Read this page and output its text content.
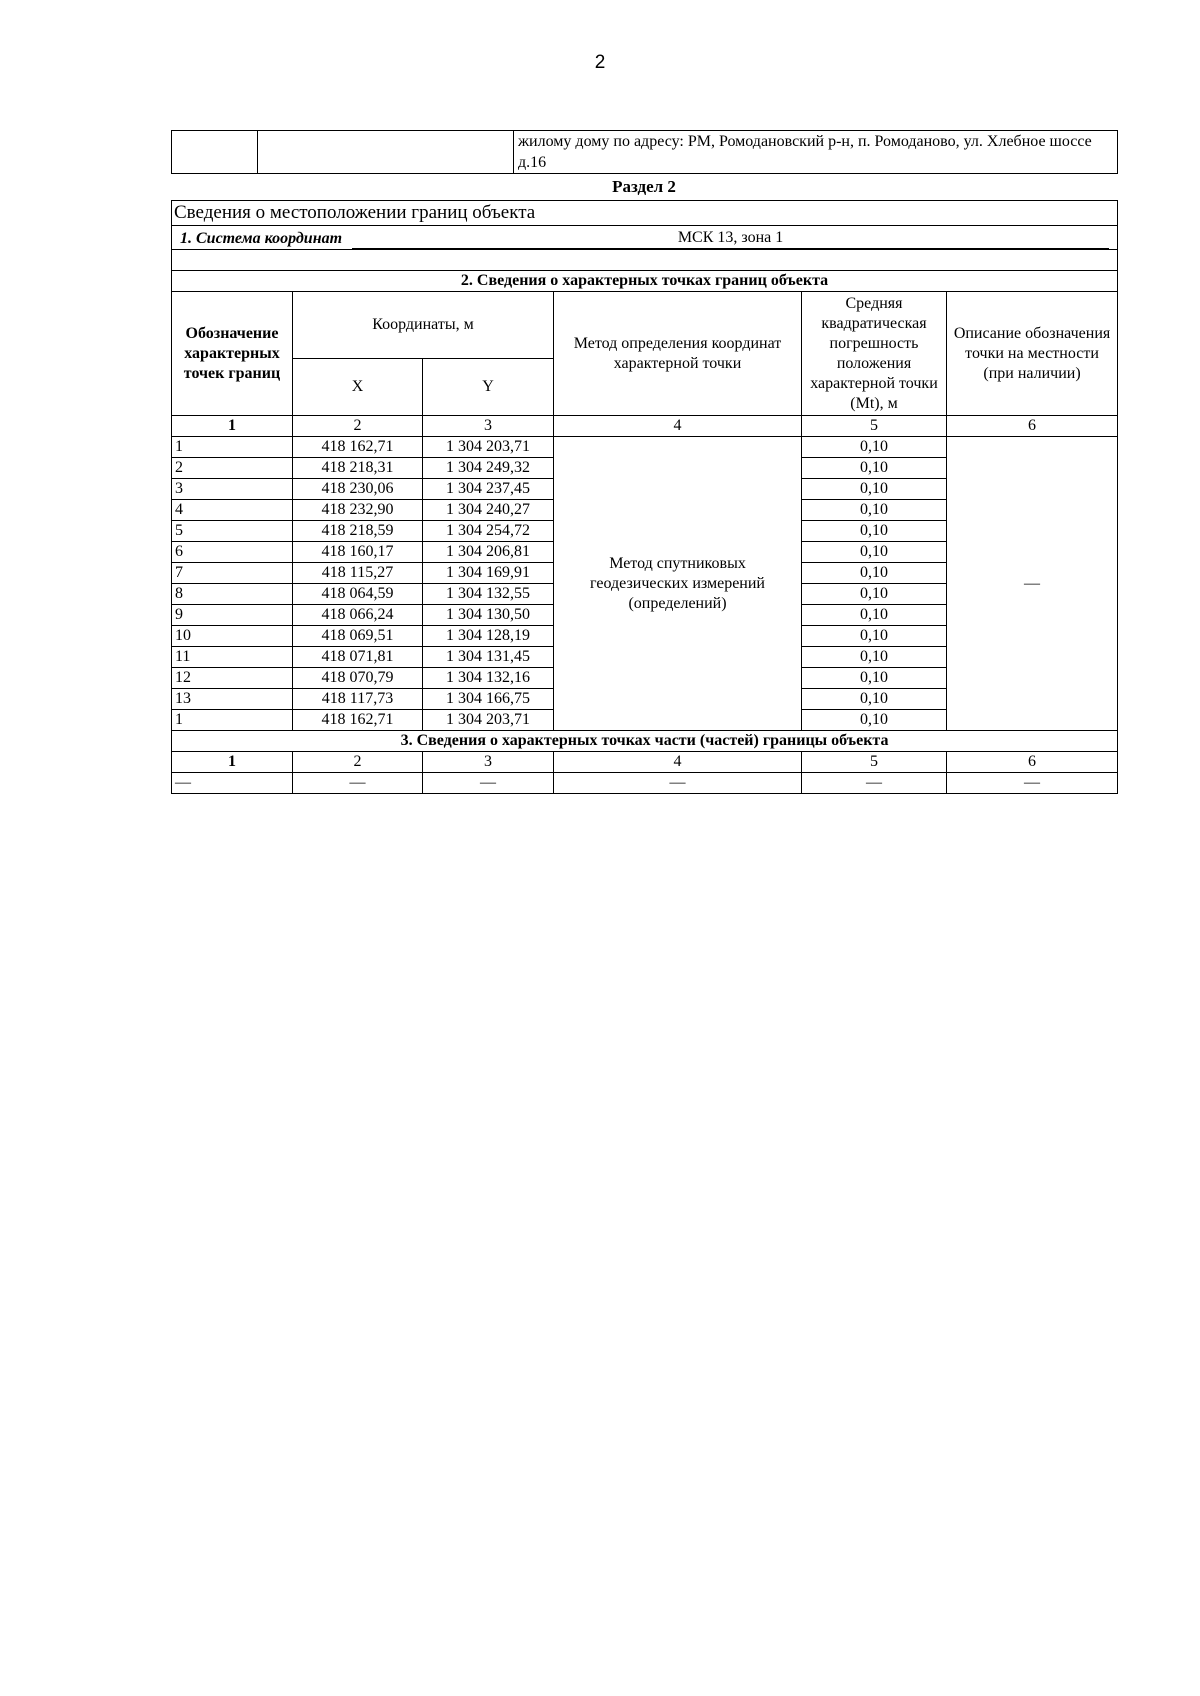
2
		жилому дому по адресу: РМ, Ромодановский р-н, п. Ромоданово, ул. Хлебное шоссе д.16
Раздел 2
Сведения о местоположении границ объекта					

1. Система координат МСК 13, зона 1					

2. Сведения о характерных точках границ объекта					
Обозначение характерных точек границ	Координаты, м		Метод определения координат характерной точки	Средняя квадратическая погрешность положения характерной точки (Mt), м	Описание обозначения точки на местности (при наличии)
	X	Y			
1	2	3	4	5	6
1	418 162,71	1 304 203,71	Метод спутниковых геодезических измерений (определений)	0,10	—
2	418 218,31	1 304 249,32		0,10	
3	418 230,06	1 304 237,45		0,10	
4	418 232,90	1 304 240,27		0,10	
5	418 218,59	1 304 254,72		0,10	
6	418 160,17	1 304 206,81		0,10	
7	418 115,27	1 304 169,91		0,10	
8	418 064,59	1 304 132,55		0,10	
9	418 066,24	1 304 130,50		0,10	
10	418 069,51	1 304 128,19		0,10	
11	418 071,81	1 304 131,45		0,10	
12	418 070,79	1 304 132,16		0,10	
13	418 117,73	1 304 166,75		0,10	
1	418 162,71	1 304 203,71		0,10	
3. Сведения о характерных точках части (частей) границы объекта					
1	2	3	4	5	6
—	—	—	—	—	—
